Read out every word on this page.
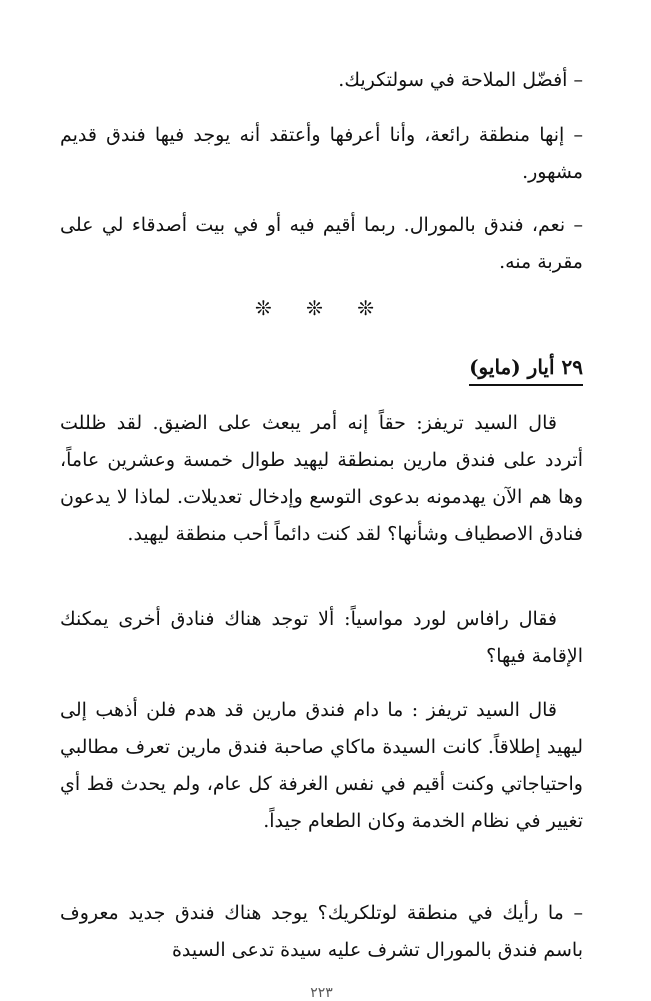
– أفضّل الملاحة في سولتكريك.

– إنها منطقة رائعة، وأنا أعرفها وأعتقد أنه يوجد فيها فندق قديم مشهور.

– نعم، فندق بالمورال. ربما أقيم فيه أو في بيت أصدقاء لي على مقربة منه.

❊ ❊ ❊
٢٩ أيار (مايو)

قال السيد تريفز: حقاً إنه أمر يبعث على الضيق. لقد ظللت أتردد على فندق مارين بمنطقة ليهيد طوال خمسة وعشرين عاماً، وها هم الآن يهدمونه بدعوى التوسع وإدخال تعديلات. لماذا لا يدعون فنادق الاصطياف وشأنها؟ لقد كنت دائماً أحب منطقة ليهيد.

فقال رافاس لورد مواسياً: ألا توجد هناك فنادق أخرى يمكنك الإقامة فيها؟

قال السيد تريفز : ما دام فندق مارين قد هدم فلن أذهب إلى ليهيد إطلاقاً. كانت السيدة ماكاي صاحبة فندق مارين تعرف مطالبي واحتياجاتي وكنت أقيم في نفس الغرفة كل عام، ولم يحدث قط أي تغيير في نظام الخدمة وكان الطعام جيداً.

– ما رأيك في منطقة لوتلكريك؟ يوجد هناك فندق جديد معروف باسم فندق بالمورال تشرف عليه سيدة تدعى السيدة

٢٢٣
